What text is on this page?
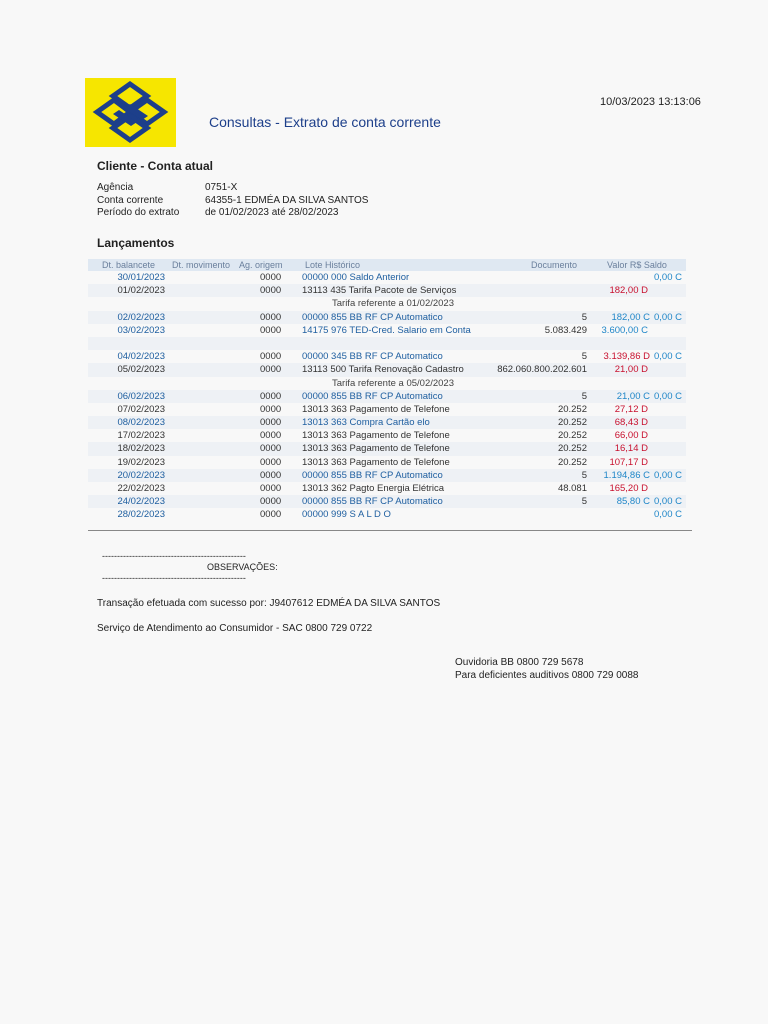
10/03/2023 13:13:06
Consultas - Extrato de conta corrente
Cliente - Conta atual
Agência	0751-X
Conta corrente	64355-1 EDMÉA DA SILVA SANTOS
Período do extrato	de 01/02/2023 até 28/02/2023
Lançamentos
Dt. balancete Dt. movimento Ag. origem Lote Histórico	Documento	Valor R$ Saldo
30/01/2023	0000 00000 000 Saldo Anterior	0,00 C
01/02/2023	0000 13113 435 Tarifa Pacote de Serviços	182,00 D
Tarifa referente a 01/02/2023
02/02/2023	0000 00000 855 BB RF CP Automatico	5	182,00 C 0,00 C
03/02/2023	0000 14175 976 TED-Cred. Salario em Conta	5.083.429 3.600,00 C
04/02/2023	0000 00000 345 BB RF CP Automatico	5 3.139,86 D 0,00 C
05/02/2023	0000 13113 500 Tarifa Renovação Cadastro	862.060.800.202.601	21,00 D
Tarifa referente a 05/02/2023
06/02/2023	0000 00000 855 BB RF CP Automatico	5	21,00 C 0,00 C
07/02/2023	0000 13013 363 Pagamento de Telefone	20.252	27,12 D
08/02/2023	0000 13013 363 Compra Cartão elo	20.252	68,43 D
17/02/2023	0000 13013 363 Pagamento de Telefone	20.252	66,00 D
18/02/2023	0000 13013 363 Pagamento de Telefone	20.252	16,14 D
19/02/2023	0000 13013 363 Pagamento de Telefone	20.252 107,17 D
20/02/2023	0000 00000 855 BB RF CP Automatico	5 1.194,86 C 0,00 C
22/02/2023	0000 13013 362 Pagto Energia Elétrica	48.081 165,20 D
24/02/2023	0000 00000 855 BB RF CP Automatico	5	85,80 C 0,00 C
28/02/2023	0000 00000 999 S A L D O	0,00 C
------------------------------------------------
OBSERVAÇÕES:
------------------------------------------------
Transação efetuada com sucesso por: J9407612 EDMÉA DA SILVA SANTOS
Serviço de Atendimento ao Consumidor - SAC 0800 729 0722
Ouvidoria BB 0800 729 5678
Para deficientes auditivos 0800 729 0088
